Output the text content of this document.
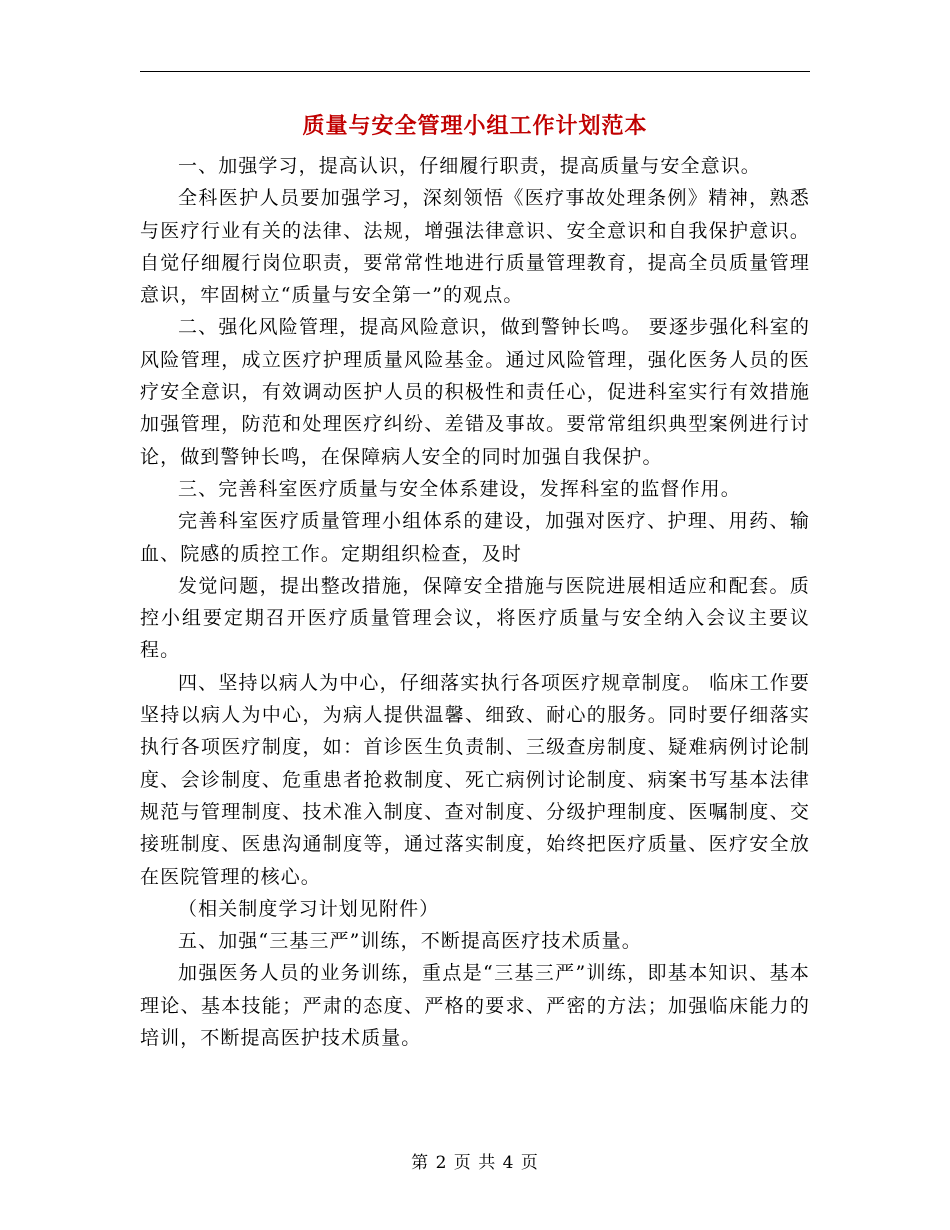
质量与安全管理小组工作计划范本

一、加强学习，提高认识，仔细履行职责，提高质量与安全意识。

全科医护人员要加强学习，深刻领悟《医疗事故处理条例》精神，熟悉与医疗行业有关的法律、法规，增强法律意识、安全意识和自我保护意识。自觉仔细履行岗位职责，要常常性地进行质量管理教育，提高全员质量管理意识，牢固树立“质量与安全第一”的观点。

二、强化风险管理，提高风险意识，做到警钟长鸣。 要逐步强化科室的风险管理，成立医疗护理质量风险基金。通过风险管理，强化医务人员的医疗安全意识，有效调动医护人员的积极性和责任心，促进科室实行有效措施加强管理，防范和处理医疗纠纷、差错及事故。要常常组织典型案例进行讨论，做到警钟长鸣，在保障病人安全的同时加强自我保护。

三、完善科室医疗质量与安全体系建设，发挥科室的监督作用。

完善科室医疗质量管理小组体系的建设，加强对医疗、护理、用药、输血、院感的质控工作。定期组织检查，及时

发觉问题，提出整改措施，保障安全措施与医院进展相适应和配套。质控小组要定期召开医疗质量管理会议，将医疗质量与安全纳入会议主要议程。

四、坚持以病人为中心，仔细落实执行各项医疗规章制度。 临床工作要坚持以病人为中心，为病人提供温馨、细致、耐心的服务。同时要仔细落实执行各项医疗制度，如：首诊医生负责制、三级查房制度、疑难病例讨论制度、会诊制度、危重患者抢救制度、死亡病例讨论制度、病案书写基本法律规范与管理制度、技术准入制度、查对制度、分级护理制度、医嘱制度、交接班制度、医患沟通制度等，通过落实制度，始终把医疗质量、医疗安全放在医院管理的核心。

（相关制度学习计划见附件）

五、加强“三基三严”训练，不断提高医疗技术质量。

加强医务人员的业务训练，重点是“三基三严”训练，即基本知识、基本理论、基本技能；严肃的态度、严格的要求、严密的方法；加强临床能力的培训，不断提高医护技术质量。

第 2 页 共 4 页
